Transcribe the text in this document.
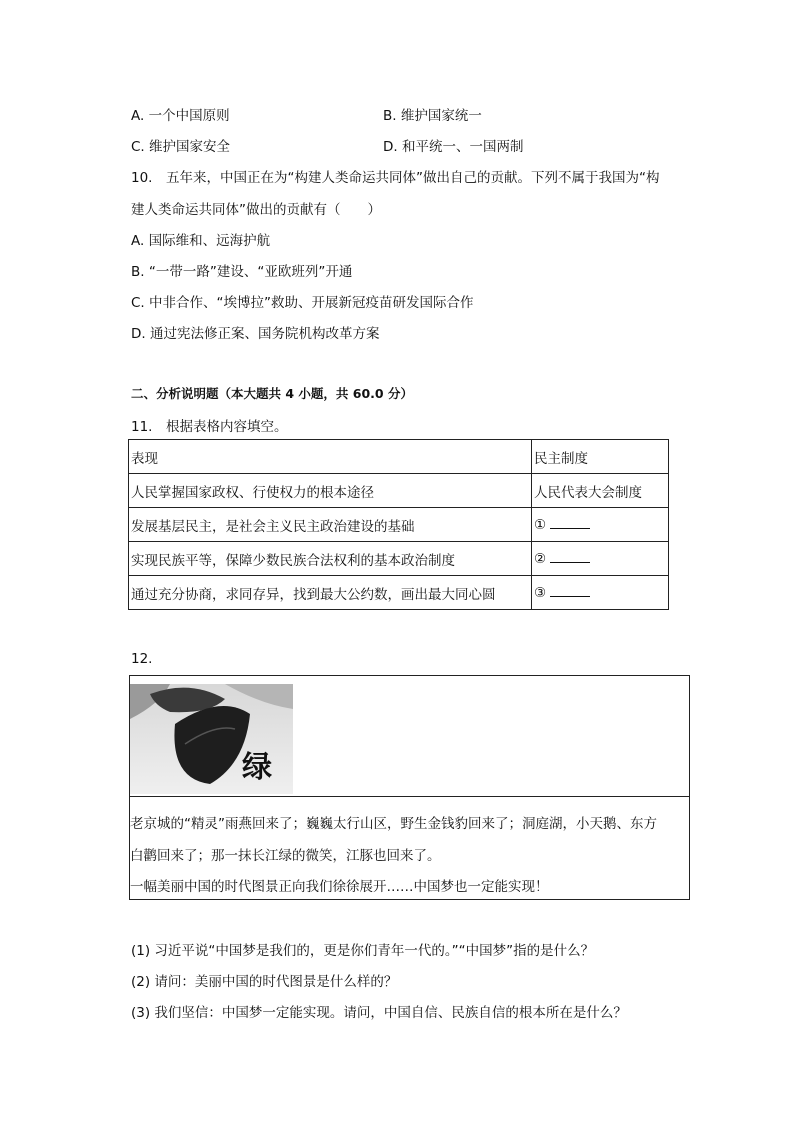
A. 一个中国原则	B. 维护国家统一
C. 维护国家安全	D. 和平统一、一国两制
10.　五年来，中国正在为“构建人类命运共同体”做出自己的贡献。下列不属于我国为“构
建人类命运共同体”做出的贡献有（　　）
A. 国际维和、远海护航
B. “一带一路”建设、“亚欧班列”开通
C. 中非合作、“埃博拉”救助、开展新冠疫苗研发国际合作
D. 通过宪法修正案、国务院机构改革方案
二、分析说明题（本大题共 4 小题，共 60.0 分）
11.　根据表格内容填空。
表现	民主制度
人民掌握国家政权、行使权力的根本途径	人民代表大会制度
发展基层民主，是社会主义民主政治建设的基础	①
实现民族平等，保障少数民族合法权利的基本政治制度	②
通过充分协商，求同存异，找到最大公约数，画出最大同心圆	③
12.
绿
老京城的“精灵”雨燕回来了；巍巍太行山区，野生金钱豹回来了；洞庭湖，小天鹅、东方
白鹳回来了；那一抹长江绿的微笑，江豚也回来了。
一幅美丽中国的时代图景正向我们徐徐展开……中国梦也一定能实现！
(1) 习近平说“中国梦是我们的，更是你们青年一代的。”“中国梦”指的是什么？
(2) 请问：美丽中国的时代图景是什么样的？
(3) 我们坚信：中国梦一定能实现。请问，中国自信、民族自信的根本所在是什么？
